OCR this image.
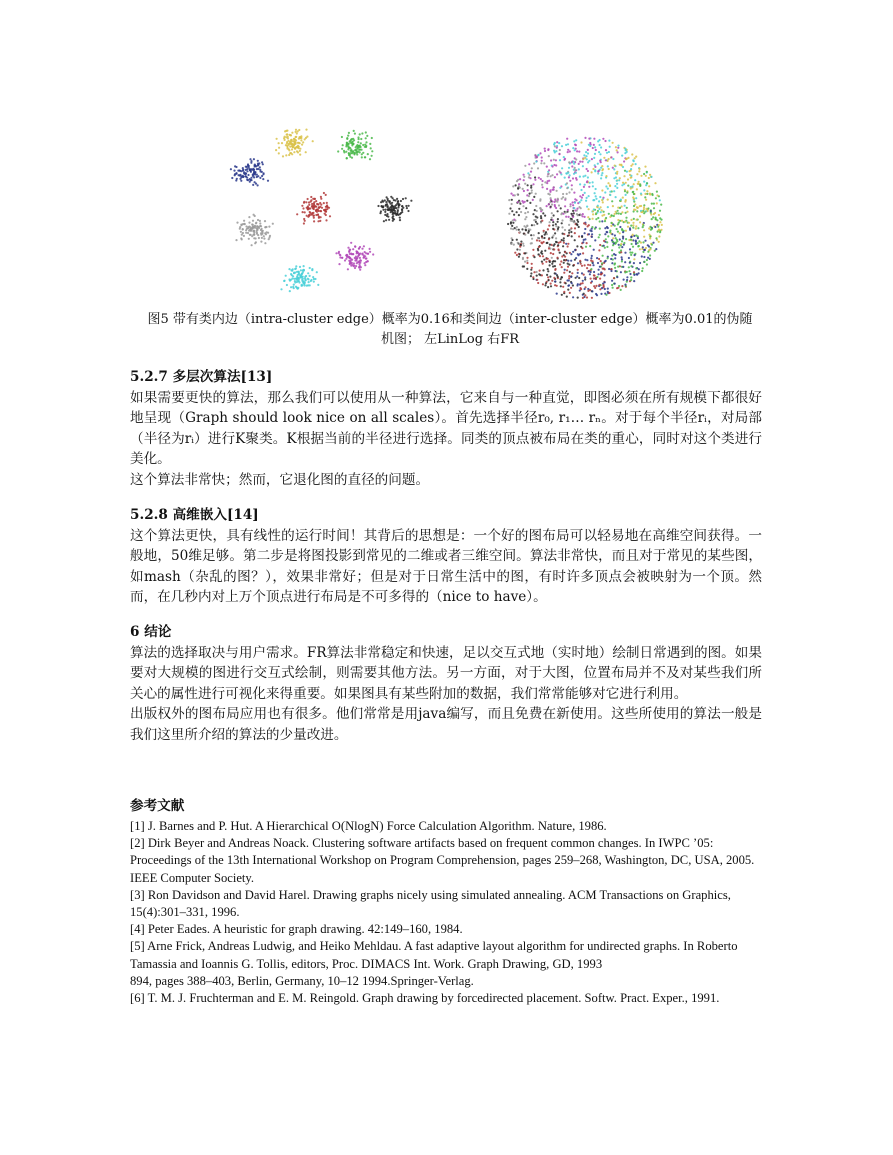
图5 带有类内边（intra-cluster edge）概率为0.16和类间边（inter-cluster edge）概率为0.01的伪随
机图； 左LinLog 右FR
5.2.7 多层次算法[13]

如果需要更快的算法，那么我们可以使用从一种算法，它来自与一种直觉，即图必须在所有规模下都很好地呈现（Graph should look nice on all scales）。首先选择半径r₀, r₁… rₙ。对于每个半径rᵢ，对局部（半径为rᵢ）进行K聚类。K根据当前的半径进行选择。同类的顶点被布局在类的重心，同时对这个类进行美化。

这个算法非常快；然而，它退化图的直径的问题。

5.2.8 高维嵌入[14]

这个算法更快，具有线性的运行时间！其背后的思想是：一个好的图布局可以轻易地在高维空间获得。一般地，50维足够。第二步是将图投影到常见的二维或者三维空间。算法非常快，而且对于常见的某些图，如mash（杂乱的图？），效果非常好；但是对于日常生活中的图，有时许多顶点会被映射为一个顶。然而，在几秒内对上万个顶点进行布局是不可多得的（nice to have）。

6 结论

算法的选择取决与用户需求。FR算法非常稳定和快速，足以交互式地（实时地）绘制日常遇到的图。如果要对大规模的图进行交互式绘制，则需要其他方法。另一方面，对于大图，位置布局并不及对某些我们所关心的属性进行可视化来得重要。如果图具有某些附加的数据，我们常常能够对它进行利用。

出版权外的图布局应用也有很多。他们常常是用java编写，而且免费在新使用。这些所使用的算法一般是我们这里所介绍的算法的少量改进。

参考文献

[1] J. Barnes and P. Hut. A Hierarchical O(NlogN) Force Calculation Algorithm. Nature, 1986.

[2] Dirk Beyer and Andreas Noack. Clustering software artifacts based on frequent common changes. In IWPC ’05: Proceedings of the 13th International Workshop on Program Comprehension, pages 259–268, Washington, DC, USA, 2005. IEEE Computer Society.

[3] Ron Davidson and David Harel. Drawing graphs nicely using simulated annealing. ACM Transactions on Graphics, 15(4):301–331, 1996.

[4] Peter Eades. A heuristic for graph drawing. 42:149–160, 1984.

[5] Arne Frick, Andreas Ludwig, and Heiko Mehldau. A fast adaptive layout algorithm for undirected graphs. In Roberto Tamassia and Ioannis G. Tollis, editors, Proc. DIMACS Int. Work. Graph Drawing, GD, 1993

894, pages 388–403, Berlin, Germany, 10–12 1994.Springer-Verlag.

[6] T. M. J. Fruchterman and E. M. Reingold. Graph drawing by forcedirected placement. Softw. Pract. Exper., 1991.
